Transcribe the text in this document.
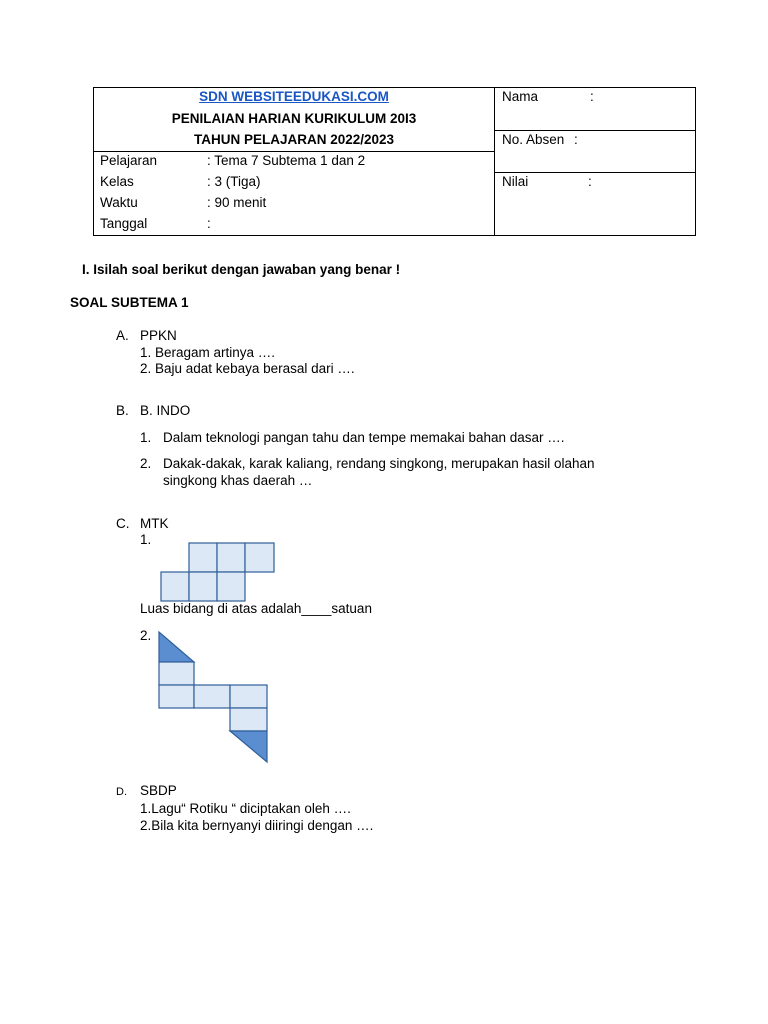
SDN WEBSITEEDUKASI.COM
PENILAIAN HARIAN KURIKULUM 20I3
TAHUN PELAJARAN 2022/2023
Pelajaran	: Tema 7 Subtema 1 dan 2
Kelas	: 3 (Tiga)
Waktu	: 90 menit
Tanggal	:
Nama	:
No. Absen :
Nilai	:
I. Isilah soal berikut dengan jawaban yang benar !
SOAL SUBTEMA 1
A. PPKN
1. Beragam artinya ….
2. Baju adat kebaya berasal dari ….
B. B. INDO
1. Dalam teknologi pangan tahu dan tempe memakai bahan dasar ….
2. Dakak-dakak, karak kaliang, rendang singkong, merupakan hasil olahan
singkong khas daerah …
C. MTK
1.
Luas bidang di atas adalah____satuan
2.
D. SBDP
1.Lagu“ Rotiku “ diciptakan oleh ….
2.Bila kita bernyanyi diiringi dengan ….
